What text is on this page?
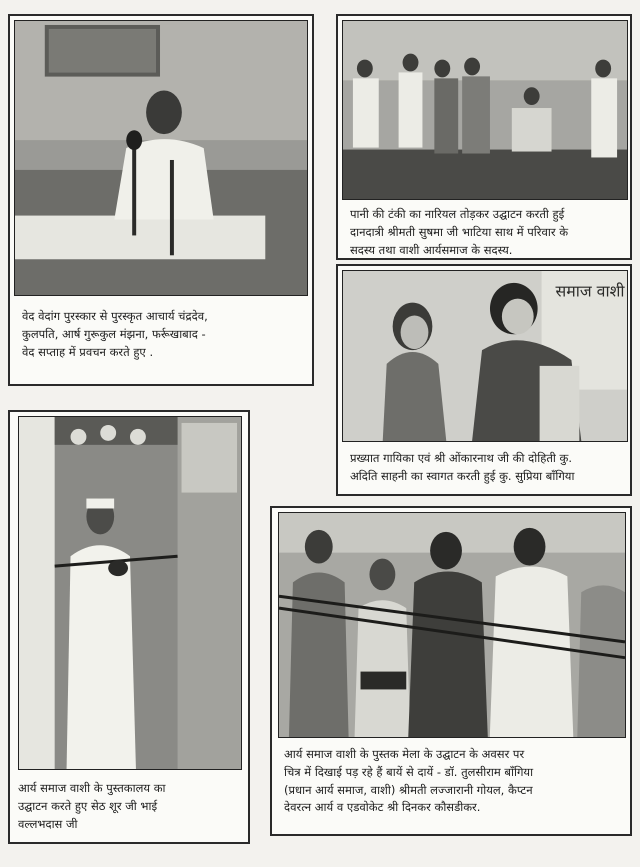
वेद वेदांग पुरस्कार से पुरस्कृत आचार्य चंद्रदेव,
कुलपति, आर्ष गुरूकुल मंझना, फर्रूखाबाद -
वेद सप्ताह में प्रवचन करते हुए .
पानी की टंकी का नारियल तोड़कर उद्घाटन करती हुई
दानदात्री श्रीमती सुषमा जी भाटिया साथ में परिवार के
सदस्य तथा वाशी आर्यसमाज के सदस्य.
समाज वाशी
प्रख्यात गायिका एवं श्री ओंकारनाथ जी की दोहिती कु.
अदिति साहनी का स्वागत करती हुई कु. सुप्रिया बाँगिया
आर्य समाज वाशी के पुस्तकालय का
उद्घाटन करते हुए सेठ शूर जी भाई
वल्लभदास जी
आर्य समाज वाशी के पुस्तक मेला के उद्घाटन के अवसर पर
चित्र में दिखाई पड़ रहे हैं बायें से दायें - डॉ. तुलसीराम बाँगिया
(प्रधान आर्य समाज, वाशी) श्रीमती लज्जारानी गोयल, कैप्टन
देवरत्न आर्य व एडवोकेट श्री दिनकर कौसडीकर.
